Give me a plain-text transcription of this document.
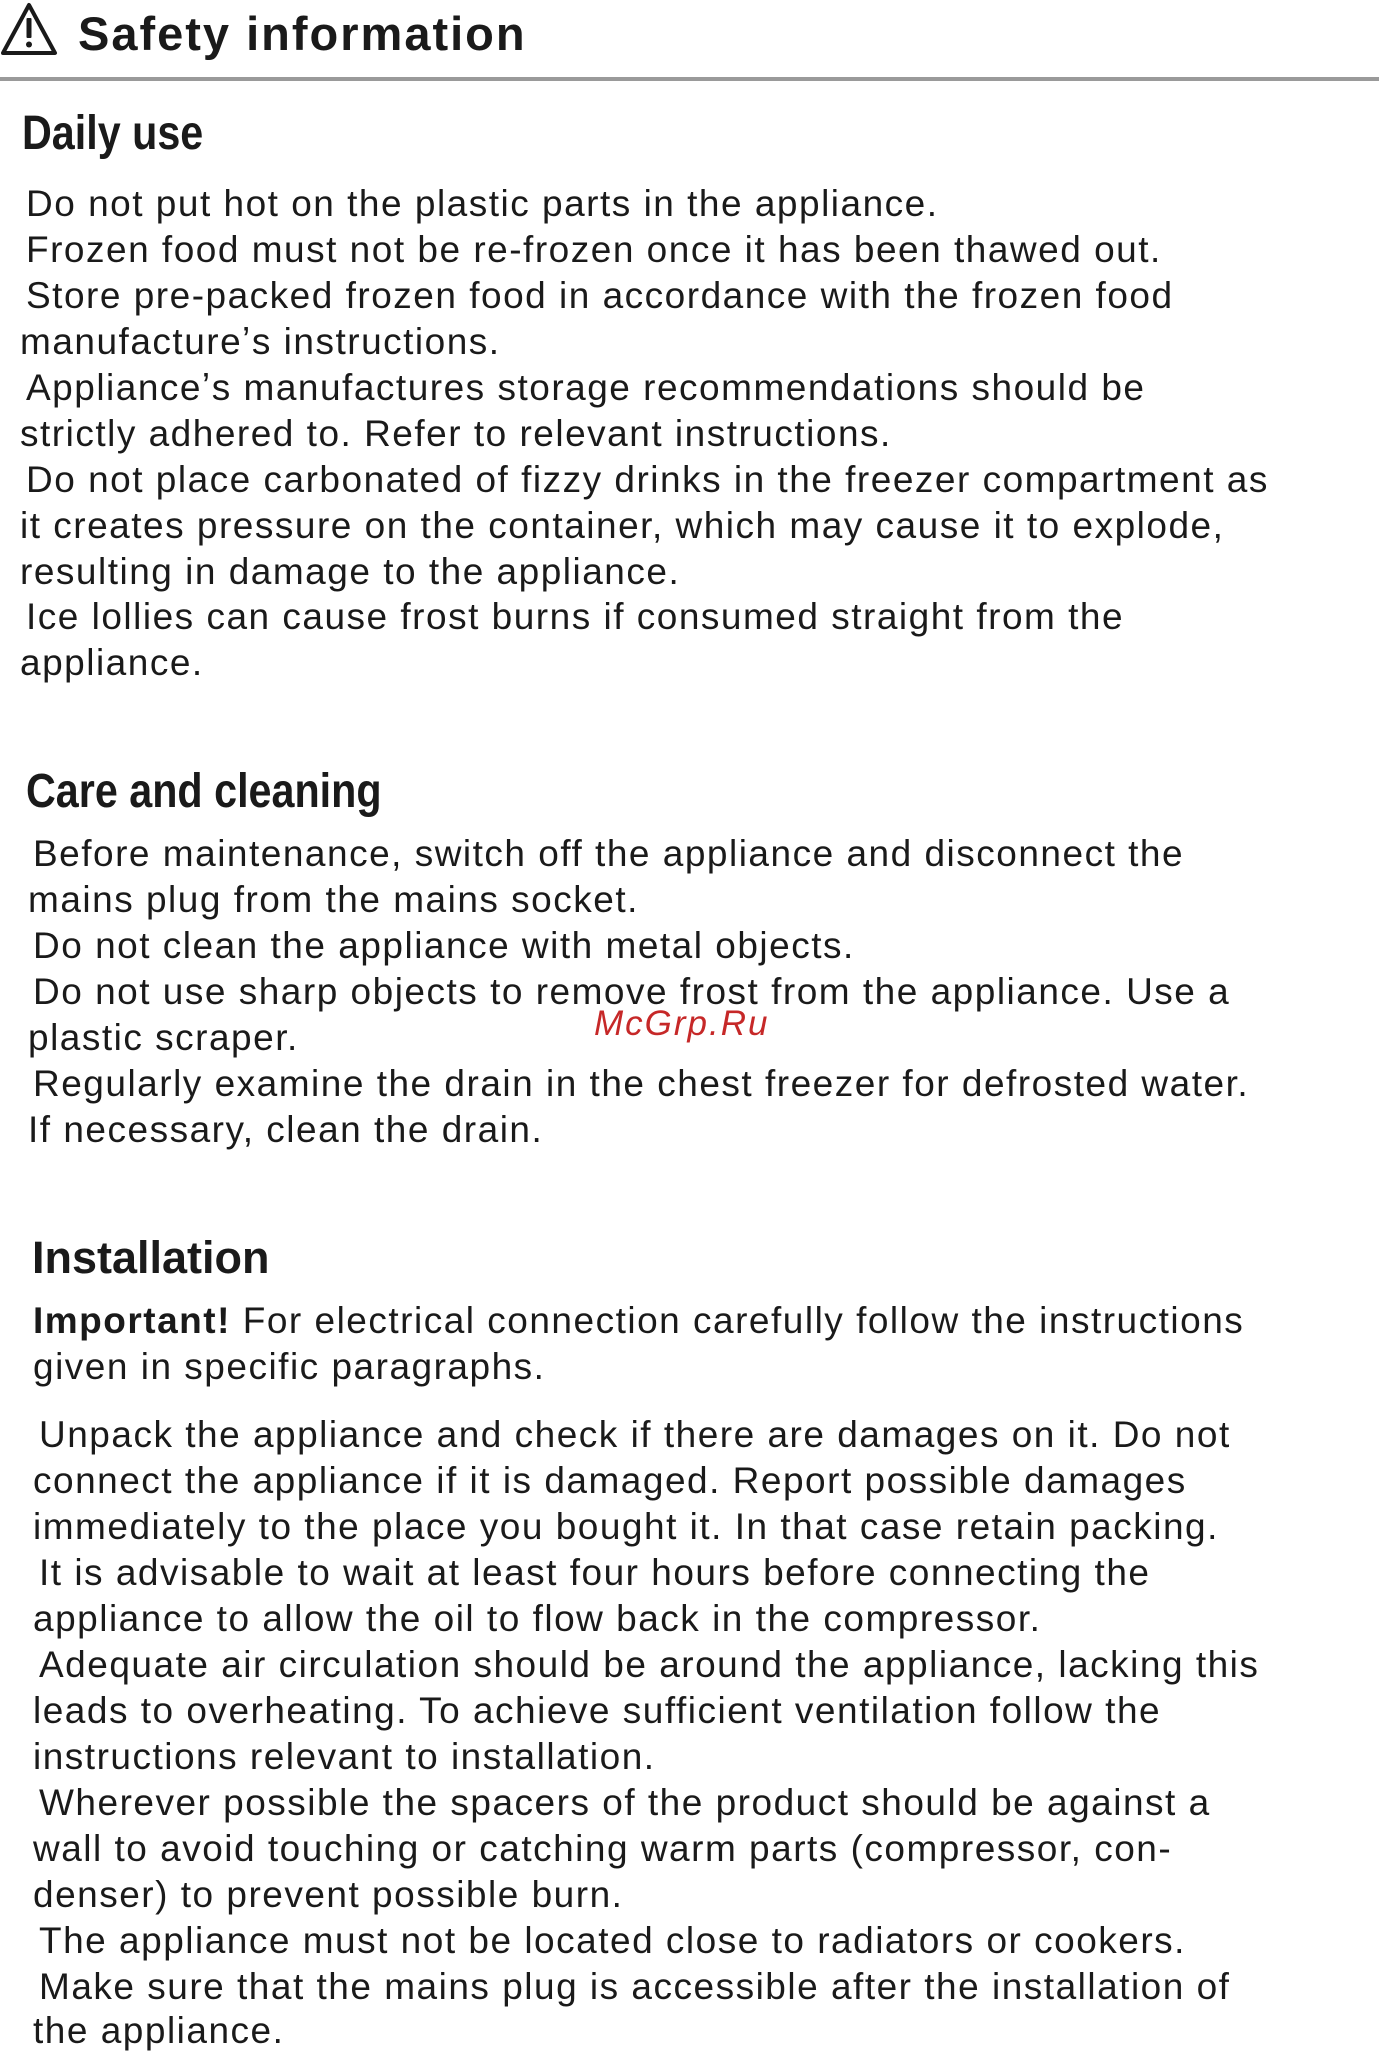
Safety information
Daily use
Do not put hot on the plastic parts in the appliance.
Frozen food must not be re-frozen once it has been thawed out.
Store pre-packed frozen food in accordance with the frozen food
manufactureʼs instructions.
Applianceʼs manufactures storage recommendations should be
strictly adhered to. Refer to relevant instructions.
Do not place carbonated of fizzy drinks in the freezer compartment as
it creates pressure on the container, which may cause it to explode,
resulting in damage to the appliance.
Ice lollies can cause frost burns if consumed straight from the
appliance.
Care and cleaning
Before maintenance, switch off the appliance and disconnect the
mains plug from the mains socket.
Do not clean the appliance with metal objects.
Do not use sharp objects to remove frost from the appliance. Use a
plastic scraper.
Regularly examine the drain in the chest freezer for defrosted water.
If necessary, clean the drain.
McGrp.Ru
Installation
Important! For electrical connection carefully follow the instructions
given in specific paragraphs.
Unpack the appliance and check if there are damages on it. Do not
connect the appliance if it is damaged. Report possible damages
immediately to the place you bought it. In that case retain packing.
It is advisable to wait at least four hours before connecting the
appliance to allow the oil to flow back in the compressor.
Adequate air circulation should be around the appliance, lacking this
leads to overheating. To achieve sufficient ventilation follow the
instructions relevant to installation.
Wherever possible the spacers of the product should be against a
wall to avoid touching or catching warm parts (compressor, con-
denser) to prevent possible burn.
The appliance must not be located close to radiators or cookers.
Make sure that the mains plug is accessible after the installation of
the appliance.
